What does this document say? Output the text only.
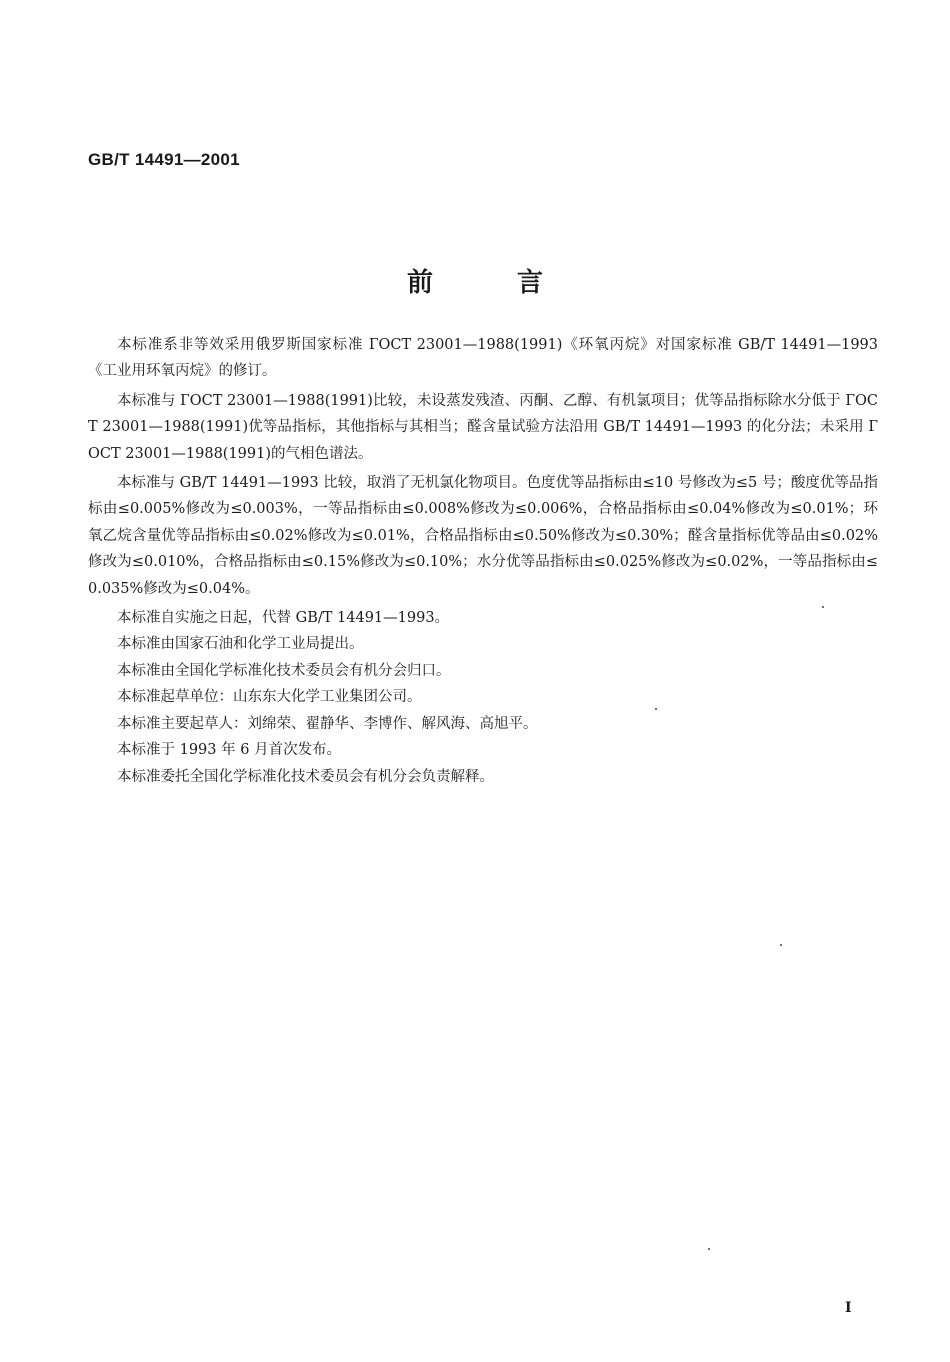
GB/T 14491—2001
前言

本标准系非等效采用俄罗斯国家标准 ГОСТ 23001—1988(1991)《环氧丙烷》对国家标准 GB/T 14491—1993《工业用环氧丙烷》的修订。

本标准与 ГОСТ 23001—1988(1991)比较，未设蒸发残渣、丙酮、乙醇、有机氯项目；优等品指标除水分低于 ГОСТ 23001—1988(1991)优等品指标，其他指标与其相当；醛含量试验方法沿用 GB/T 14491—1993 的化分法；未采用 ГОСТ 23001—1988(1991)的气相色谱法。

本标准与 GB/T 14491—1993 比较，取消了无机氯化物项目。色度优等品指标由≤10 号修改为≤5 号；酸度优等品指标由≤0.005%修改为≤0.003%，一等品指标由≤0.008%修改为≤0.006%，合格品指标由≤0.04%修改为≤0.01%；环氧乙烷含量优等品指标由≤0.02%修改为≤0.01%，合格品指标由≤0.50%修改为≤0.30%；醛含量指标优等品由≤0.02%修改为≤0.010%，合格品指标由≤0.15%修改为≤0.10%；水分优等品指标由≤0.025%修改为≤0.02%，一等品指标由≤0.035%修改为≤0.04%。

本标准自实施之日起，代替 GB/T 14491—1993。

本标准由国家石油和化学工业局提出。

本标准由全国化学标准化技术委员会有机分会归口。

本标准起草单位：山东东大化学工业集团公司。

本标准主要起草人：刘绵荣、翟静华、李博作、解风海、高旭平。

本标准于 1993 年 6 月首次发布。

本标准委托全国化学标准化技术委员会有机分会负责解释。

I
